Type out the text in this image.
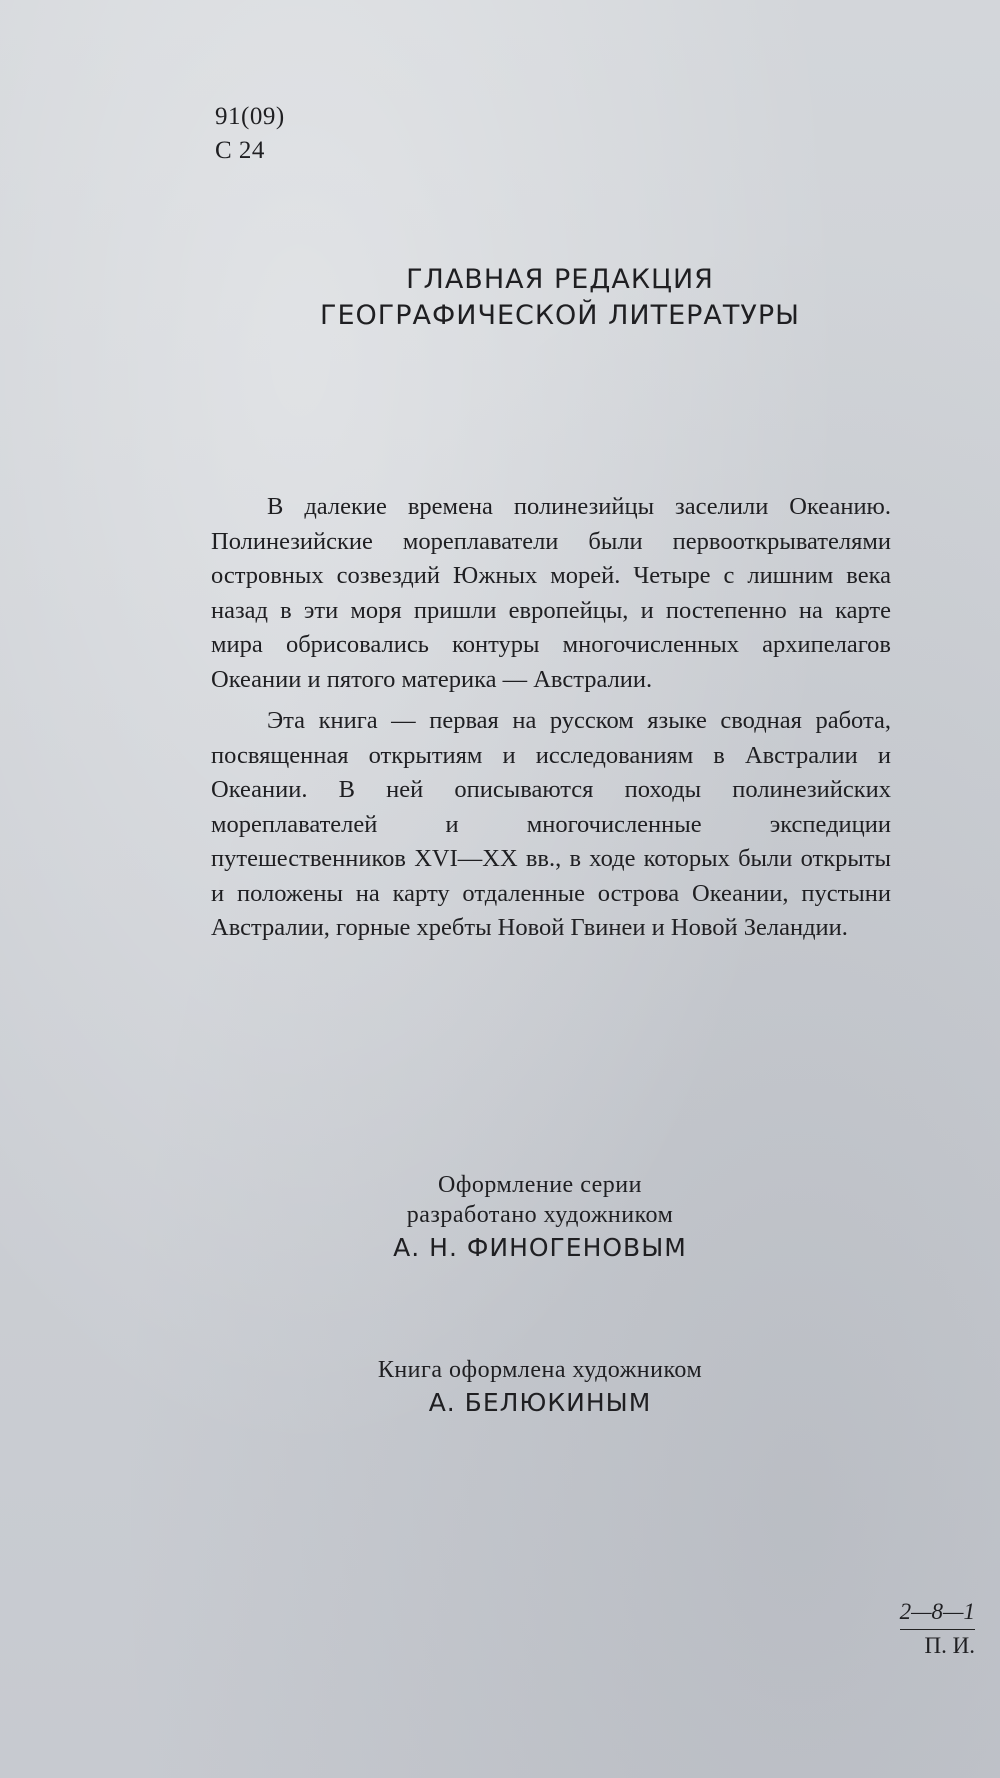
91(09)
С 24
ГЛАВНАЯ РЕДАКЦИЯ
ГЕОГРАФИЧЕСКОЙ ЛИТЕРАТУРЫ

В далекие времена полинезийцы заселили Океанию. Полинезийские мореплаватели были первооткрывателями островных созвездий Южных морей. Четыре с лишним века назад в эти моря пришли европейцы, и постепенно на карте мира обрисовались контуры многочисленных архипелагов Океании и пятого материка — Австралии.

Эта книга — первая на русском языке сводная работа, посвященная открытиям и исследованиям в Австралии и Океании. В ней описываются походы полинезийских мореплавателей и многочисленные экспедиции путешественников XVI—XX вв., в ходе которых были открыты и положены на карту отдаленные острова Океании, пустыни Австралии, горные хребты Новой Гвинеи и Новой Зеландии.

Оформление серии
разработано художником
А. Н. ФИНОГЕНОВЫМ
Книга оформлена художником
А. БЕЛЮКИНЫМ
2—8—1
П. И.
